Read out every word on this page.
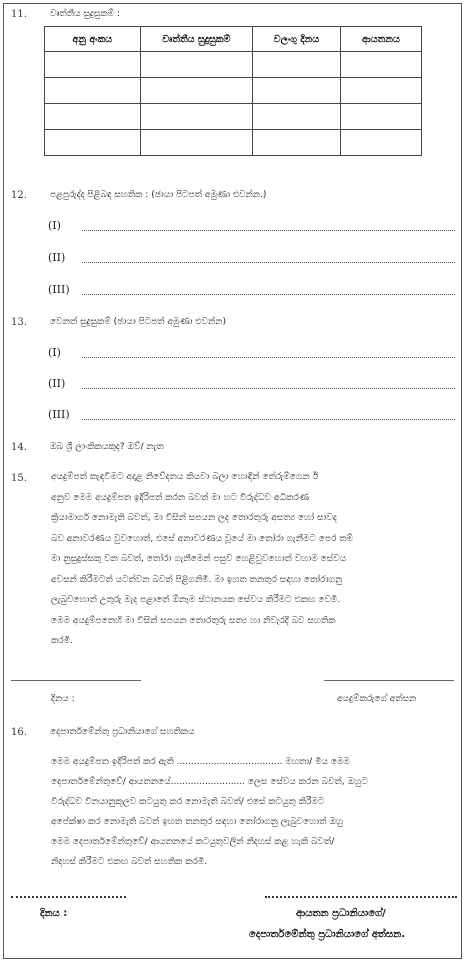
11.	වෘත්තීය සුදුසුකම් :
අනු අංකය	වෘත්තීය සුදුසුකම්	වලංගු දිනය	ආයතනය

12.	පළපුරුද්ද පිළිබඳ සහතික : (ඡායා පිටපත් අමුණා එවන්න.)
(I)
(II)
(III)
13.	වෙනත් සුදුසුකම් (ඡායා පිටපත් අමුණා එවන්න)
(I)
(II)
(III)
14.	ඔබ ශ්‍රී ලාංකිකයකුද? ඔව්/ නැත
15.	අයදුම්පත් කැඳවීමට අදාළ නිවේදනය කියවා බලා හොඳින් තේරුම්ගෙන ඊ
අනුව මෙම අයදුම්පත ඉදිරිපත් කරන බවත් මා හට විරුද්ධව අධිකරණ
ක්‍රියාමාර්ග නොමැති බවත්, මා විසින් සපයන ලද තොරතුරු අසත්‍ය හෝ සාවද
බව අනාවරණය වුවහොත්, එසේ අනාවරණය වූයේ මා තෝරා ගැනීමට පෙර තම්
මා නුසුදුස්සකු වන බවත්, තෝරා ගැනීමෙන් පසුව හෙළිවුවහොත් වහාම සේවය
අවසන් කිරීමටත් යටත්වන බවත් පිළිගනිමි. මා ඉහත තනතුර සඳහා තෝරාගනු
ලැබුවහොත් උතුරු මැද පළාතේ ඕනෑම ස්ථානයක සේවය කිරීමට එකඟ වෙමි.
මෙම අයදුම්පතෙහි මා විසින් සපයන තොරතුරු සත්‍ය හා නිවැරදි බව සහතික
කරමි.
දිනය :	අයදුම්කරුගේ අත්සන
16.	දෙපාර්තමේන්තු ප්‍රධානියාගේ සහතිකය
මෙම අයදුම්පත ඉදිරිපත් කර ඇති ..................................... මහතා/ මිය මෙම
දෙපාර්තමේන්තුවේ/ ආයතනයේ.......................... ලෙස සේවය කරන බවත්, ඔහුට
විරුද්ධව විනයානුකූලව කටයුතු කර නොමැති බවත්/ එසේ කටයුතු කිරීමට
අපේක්ෂා කර නොමැති බවත් ඉහත තනතුර සඳහා තෝරාගනු ලැබුවහොත් ඔහු
මෙම දෙපාර්තමේන්තුවේ/ ආයතනයේ කටයුතුවලින් නිදහස් කළ හැකි බවත්/
නිදහස් කිරීමට එකඟ බවත් සහතික කරමි.
දිනය :	ආයතන ප්‍රධානියාගේ/
දෙපාර්තමේන්තු ප්‍රධානියාගේ අත්සන.
